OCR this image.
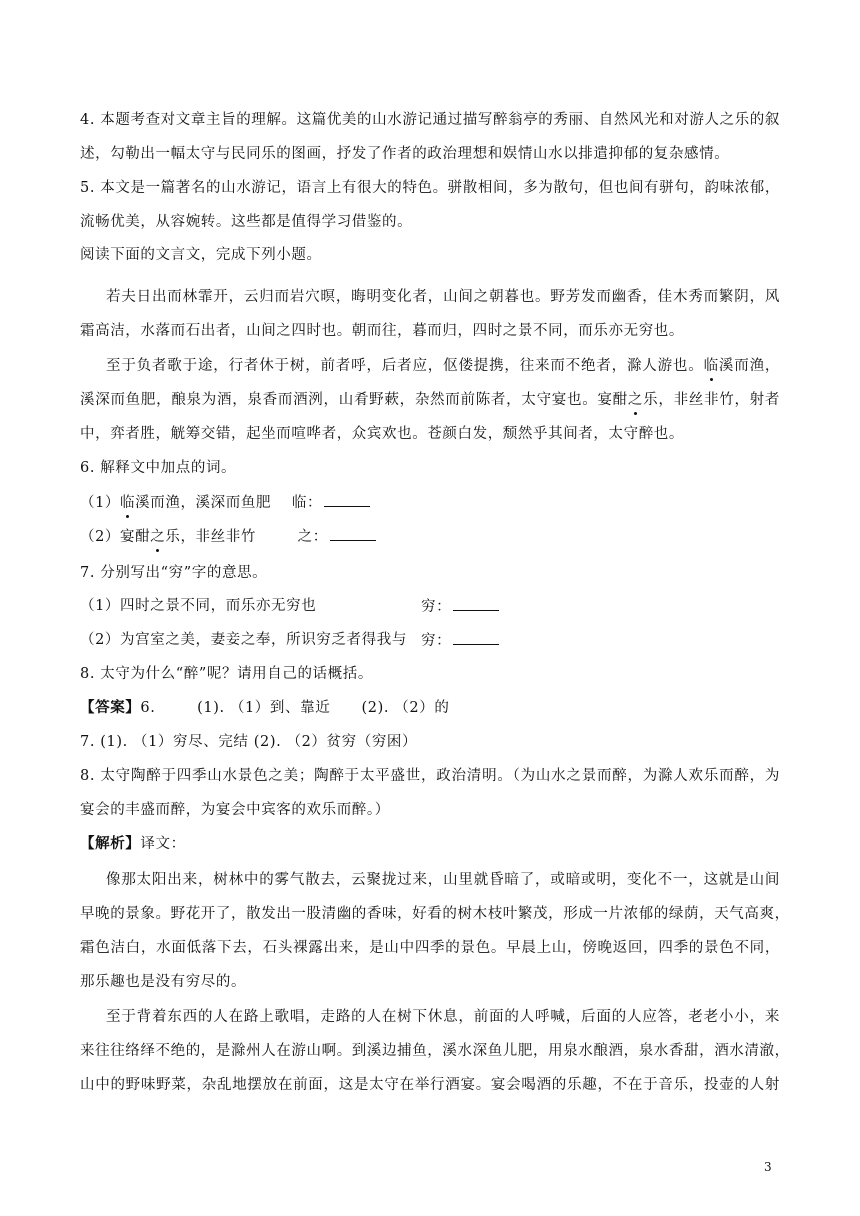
4. 本题考查对文章主旨的理解。这篇优美的山水游记通过描写醉翁亭的秀丽、自然风光和对游人之乐的叙
述，勾勒出一幅太守与民同乐的图画，抒发了作者的政治理想和娱情山水以排遣抑郁的复杂感情。
5. 本文是一篇著名的山水游记，语言上有很大的特色。骈散相间，多为散句，但也间有骈句，韵味浓郁，
流畅优美，从容婉转。这些都是值得学习借鉴的。
阅读下面的文言文，完成下列小题。
若夫日出而林霏开，云归而岩穴暝，晦明变化者，山间之朝暮也。野芳发而幽香，佳木秀而繁阴，风
霜高洁，水落而石出者，山间之四时也。朝而往，暮而归，四时之景不同，而乐亦无穷也。
至于负者歌于途，行者休于树，前者呼，后者应，伛偻提携，往来而不绝者，滁人游也。临溪而渔，
溪深而鱼肥，酿泉为酒，泉香而酒洌，山肴野蔌，杂然而前陈者，太守宴也。宴酣之乐，非丝非竹，射者
中，弈者胜，觥筹交错，起坐而喧哗者，众宾欢也。苍颜白发，颓然乎其间者，太守醉也。
6. 解释文中加点的词。
（1）临溪而渔，溪深而鱼肥    临：
（2）宴酣之乐，非丝非竹        之：
7. 分别写出“穷”字的意思。
（1）四时之景不同，而乐亦无穷也	穷：
（2）为宫室之美，妻妾之奉，所识穷乏者得我与 穷：
8. 太守为什么“醉”呢？请用自己的话概括。
【答案】6.        (1). （1）到、靠近      (2). （2）的
7. (1). （1）穷尽、完结 (2). （2）贫穷（穷困）
8. 太守陶醉于四季山水景色之美；陶醉于太平盛世，政治清明。（为山水之景而醉，为滁人欢乐而醉，为
宴会的丰盛而醉，为宴会中宾客的欢乐而醉。）
【解析】译文：
像那太阳出来，树林中的雾气散去，云聚拢过来，山里就昏暗了，或暗或明，变化不一，这就是山间
早晚的景象。野花开了，散发出一股清幽的香味，好看的树木枝叶繁茂，形成一片浓郁的绿荫，天气高爽，
霜色洁白，水面低落下去，石头裸露出来，是山中四季的景色。早晨上山，傍晚返回，四季的景色不同，
那乐趣也是没有穷尽的。
至于背着东西的人在路上歌唱，走路的人在树下休息，前面的人呼喊，后面的人应答，老老小小，来
来往往络绎不绝的，是滁州人在游山啊。到溪边捕鱼，溪水深鱼儿肥，用泉水酿酒，泉水香甜，酒水清澈，
山中的野味野菜，杂乱地摆放在前面，这是太守在举行酒宴。宴会喝酒的乐趣，不在于音乐，投壶的人射
3
